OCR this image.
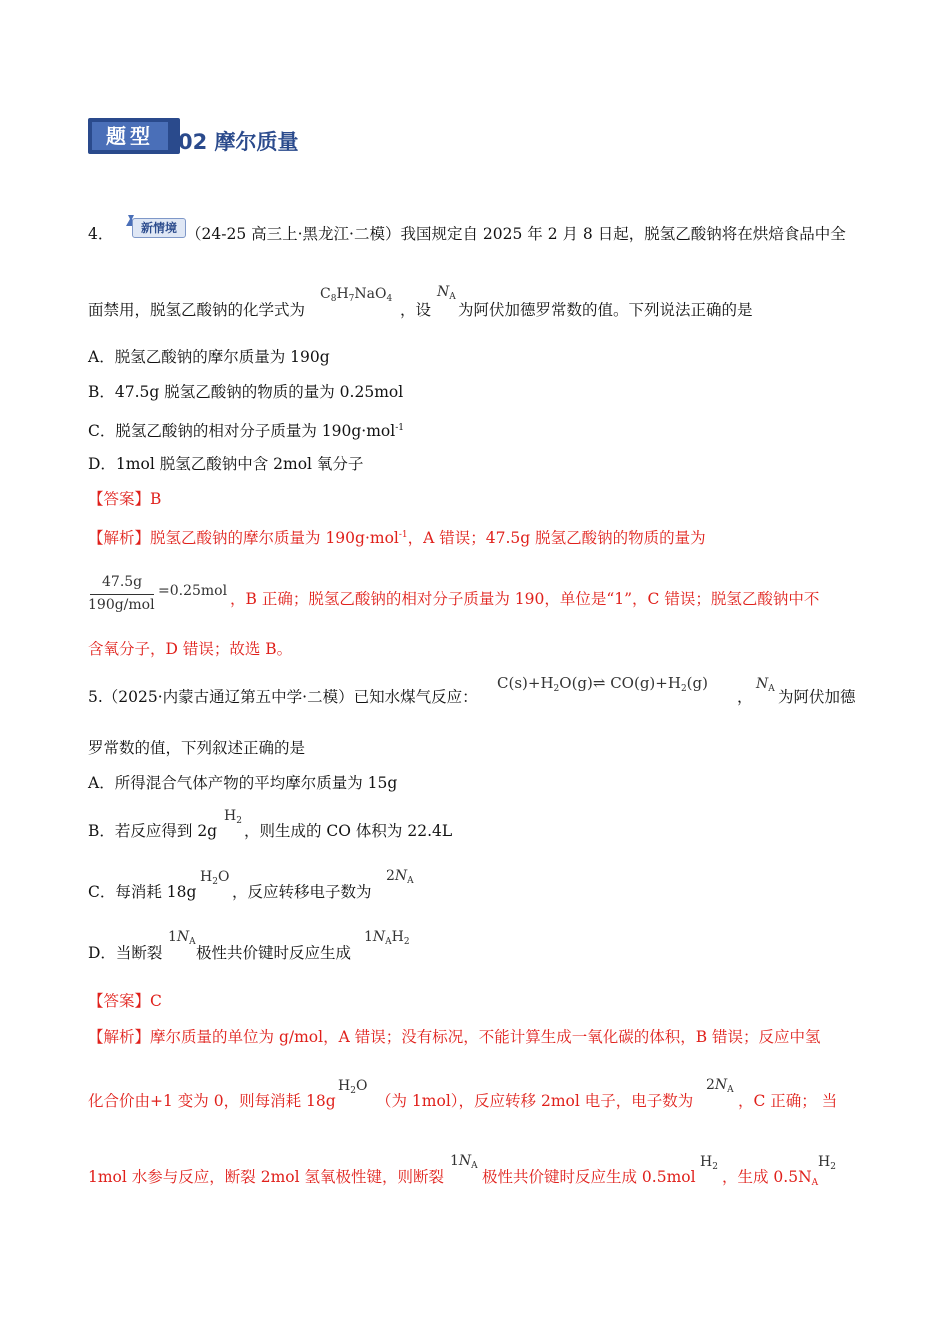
题型	02 摩尔质量
4．	新情境 （24-25 高三上·黑龙江·二模）我国规定自 2025 年 2 月 8 日起，脱氢乙酸钠将在烘焙食品中全
面禁用，脱氢乙酸钠的化学式为
$C_8H_7NaO_4$
，设
$N_A$
为阿伏加德罗常数的值。下列说法正确的是
A．脱氢乙酸钠的摩尔质量为 190g
B．47.5g 脱氢乙酸钠的物质的量为 0.25mol
C．脱氢乙酸钠的相对分子质量为 190g·mol$^{-1}$
D．1mol 脱氢乙酸钠中含 2mol 氧分子
【答案】B
【解析】脱氢乙酸钠的摩尔质量为 190g·mol$^{-1}$，A 错误；47.5g 脱氢乙酸钠的物质的量为
47.5g
190g/mol
=0.25mol ，B 正确；脱氢乙酸钠的相对分子质量为 190，单位是“1”，C 错误；脱氢乙酸钠中不
含氧分子，D 错误；故选 B。
5.（2025·内蒙古通辽第五中学·二模）已知水煤气反应：
$C(s)+H_2O(g)\rightleftharpoons$ $CO(g)+H_2(g)$
，
$N_A$ 为阿伏加德
罗常数的值，下列叙述正确的是
A．所得混合气体产物的平均摩尔质量为 15g
B．若反应得到 2g
$H_2$
，则生成的 CO 体积为 22.4L
C．每消耗 18g
$H_2O$
，反应转移电子数为
$2N_A$
D．当断裂
$1N_A$
极性共价键时反应生成
$1N_AH_2$
【答案】C
【解析】摩尔质量的单位为 g/mol，A 错误；没有标况，不能计算生成一氧化碳的体积，B 错误；反应中氢
化合价由+1 变为 0，则每消耗 18g
$H_2O$
（为 1mol），反应转移 2mol 电子，电子数为
$2N_A$
，C 正确； 当
1mol 水参与反应，断裂 2mol 氢氧极性键，则断裂
$1N_A$
极性共价键时反应生成 0.5mol
$H_2$
，生成 $0.5N_A$
$H_2$
